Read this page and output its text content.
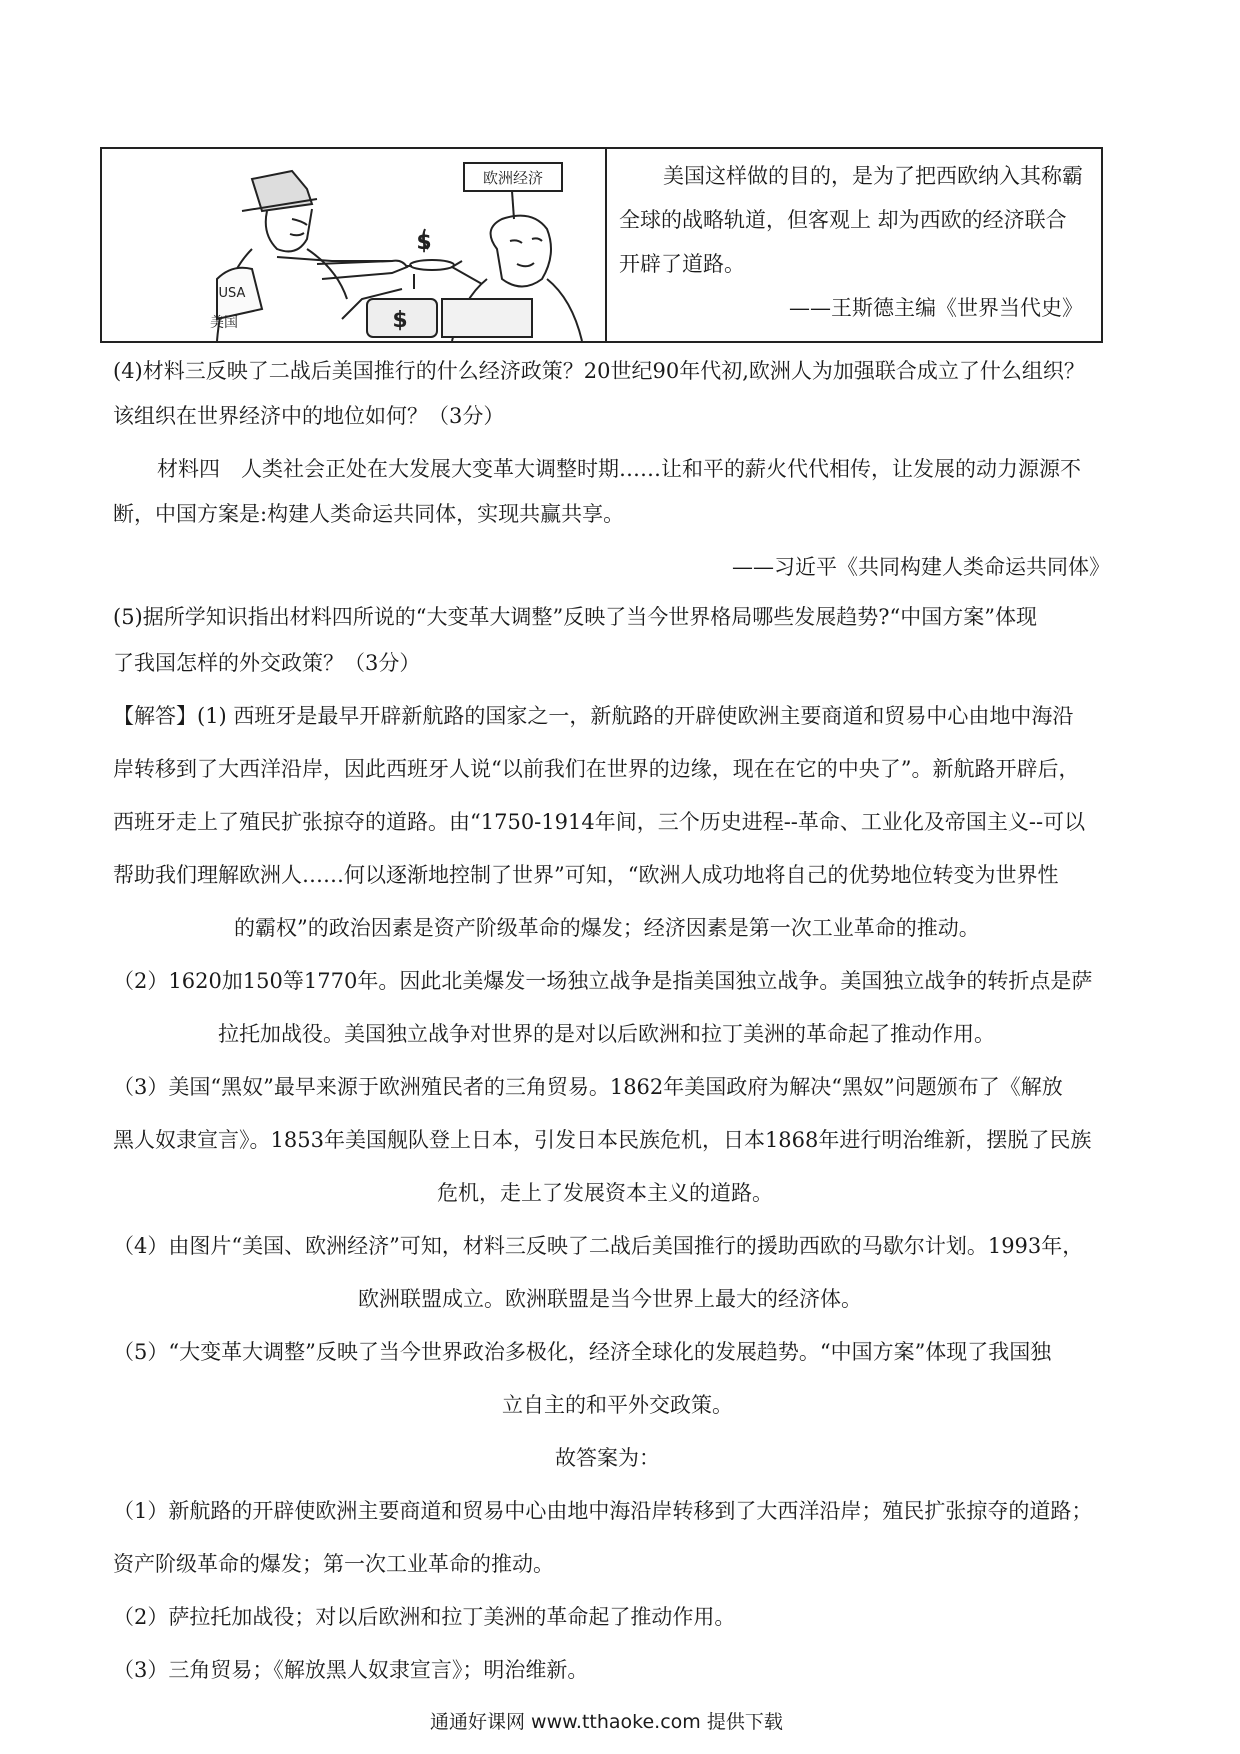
欧洲经济
USA
美国
$
$
美国这样做的目的，是为了把西欧纳入其称霸
全球的战略轨道，但客观上 却为西欧的经济联合
开辟了道路。
——王斯德主编《世界当代史》
(4)材料三反映了二战后美国推行的什么经济政策？20世纪90年代初,欧洲人为加强联合成立了什么组织？
该组织在世界经济中的地位如何？（3分）
材料四　人类社会正处在大发展大变革大调整时期……让和平的薪火代代相传，让发展的动力源源不
断，中国方案是:构建人类命运共同体，实现共赢共享。
——习近平《共同构建人类命运共同体》
(5)据所学知识指出材料四所说的“大变革大调整”反映了当今世界格局哪些发展趋势?“中国方案”体现
了我国怎样的外交政策？（3分）
【解答】(1) 西班牙是最早开辟新航路的国家之一，新航路的开辟使欧洲主要商道和贸易中心由地中海沿
岸转移到了大西洋沿岸，因此西班牙人说“以前我们在世界的边缘，现在在它的中央了”。新航路开辟后，
西班牙走上了殖民扩张掠夺的道路。由“1750-1914年间，三个历史进程--革命、工业化及帝国主义--可以
帮助我们理解欧洲人……何以逐渐地控制了世界”可知，“欧洲人成功地将自己的优势地位转变为世界性
的霸权”的政治因素是资产阶级革命的爆发；经济因素是第一次工业革命的推动。
（2）1620加150等1770年。因此北美爆发一场独立战争是指美国独立战争。美国独立战争的转折点是萨
拉托加战役。美国独立战争对世界的是对以后欧洲和拉丁美洲的革命起了推动作用。
（3）美国“黑奴”最早来源于欧洲殖民者的三角贸易。1862年美国政府为解决“黑奴”问题颁布了《解放
黑人奴隶宣言》。1853年美国舰队登上日本，引发日本民族危机，日本1868年进行明治维新，摆脱了民族
危机，走上了发展资本主义的道路。
（4）由图片“美国、欧洲经济”可知，材料三反映了二战后美国推行的援助西欧的马歇尔计划。1993年，
欧洲联盟成立。欧洲联盟是当今世界上最大的经济体。
（5）“大变革大调整”反映了当今世界政治多极化，经济全球化的发展趋势。“中国方案”体现了我国独
立自主的和平外交政策。
故答案为：
（1）新航路的开辟使欧洲主要商道和贸易中心由地中海沿岸转移到了大西洋沿岸；殖民扩张掠夺的道路；
资产阶级革命的爆发；第一次工业革命的推动。
（2）萨拉托加战役；对以后欧洲和拉丁美洲的革命起了推动作用。
（3）三角贸易；《解放黑人奴隶宣言》；明治维新。
通通好课网 www.tthaoke.com 提供下载
